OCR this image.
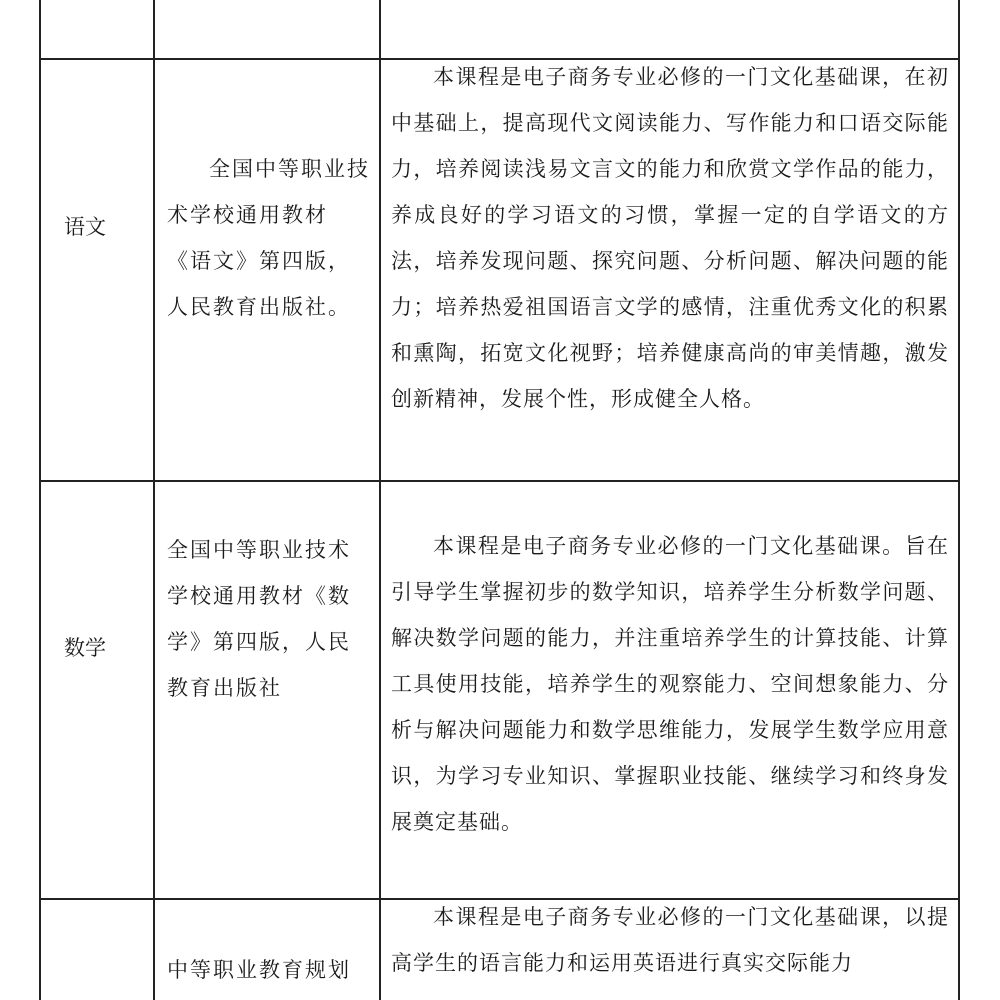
语文

全国中等职业技术学校通用教材《语文》第四版，人民教育出版社。

本课程是电子商务专业必修的一门文化基础课，在初中基础上，提高现代文阅读能力、写作能力和口语交际能力，培养阅读浅易文言文的能力和欣赏文学作品的能力，养成良好的学习语文的习惯，掌握一定的自学语文的方法，培养发现问题、探究问题、分析问题、解决问题的能力；培养热爱祖国语言文学的感情，注重优秀文化的积累和熏陶，拓宽文化视野；培养健康高尚的审美情趣，激发创新精神，发展个性，形成健全人格。

数学

全国中等职业技术学校通用教材《数学》第四版，人民教育出版社

本课程是电子商务专业必修的一门文化基础课。旨在引导学生掌握初步的数学知识，培养学生分析数学问题、解决数学问题的能力，并注重培养学生的计算技能、计算工具使用技能，培养学生的观察能力、空间想象能力、分析与解决问题能力和数学思维能力，发展学生数学应用意识，为学习专业知识、掌握职业技能、继续学习和终身发展奠定基础。

中等职业教育规划

本课程是电子商务专业必修的一门文化基础课，以提高学生的语言能力和运用英语进行真实交际能力
